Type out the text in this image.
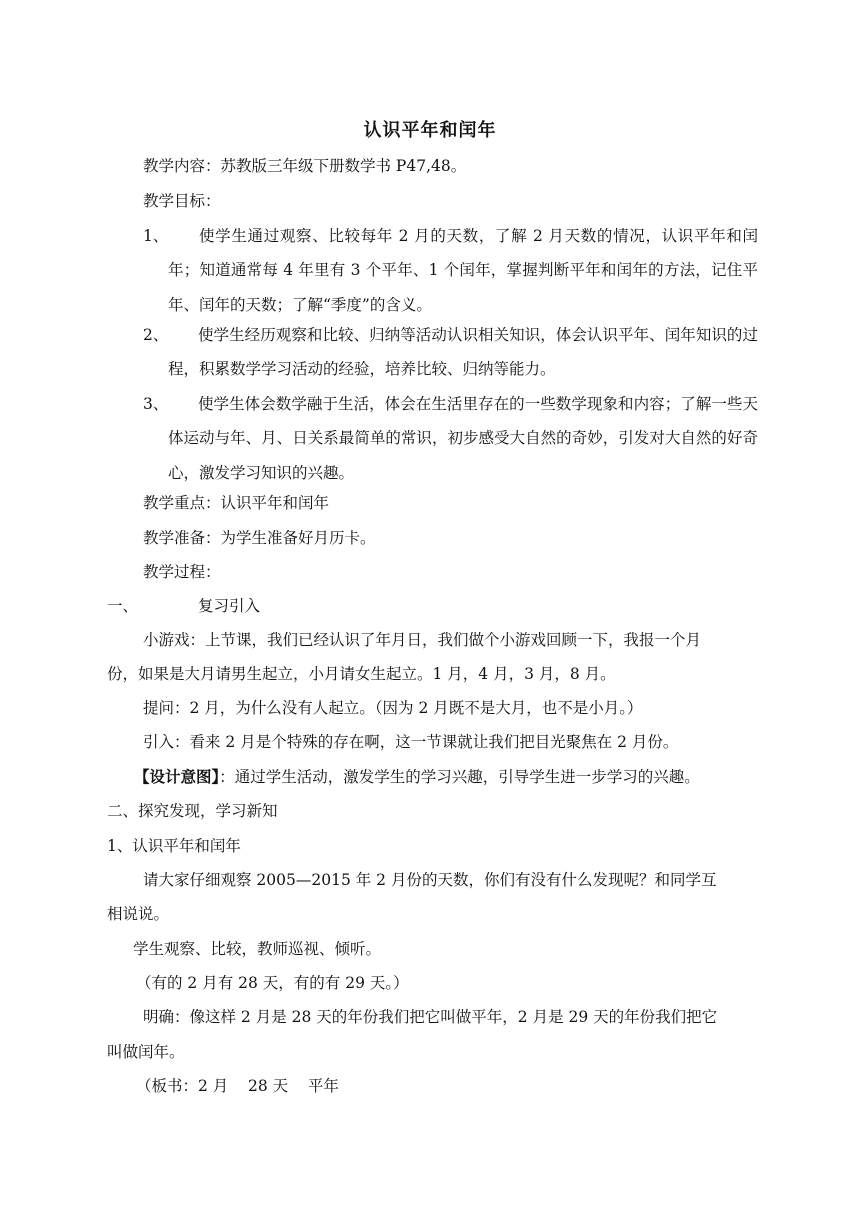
认识平年和闰年
教学内容：苏教版三年级下册数学书 P47,48。
教学目标：
1、	使学生通过观察、比较每年 2 月的天数，了解 2 月天数的情况，认识平年和闰年；知道通常每 4 年里有 3 个平年、1 个闰年，掌握判断平年和闰年的方法，记住平年、闰年的天数；了解“季度”的含义。

2、	使学生经历观察和比较、归纳等活动认识相关知识，体会认识平年、闰年知识的过程，积累数学学习活动的经验，培养比较、归纳等能力。

3、	使学生体会数学融于生活，体会在生活里存在的一些数学现象和内容；了解一些天体运动与年、月、日关系最简单的常识，初步感受大自然的奇妙，引发对大自然的好奇心，激发学习知识的兴趣。

教学重点：认识平年和闰年
教学准备：为学生准备好月历卡。
教学过程：
一、	复习引入
小游戏：上节课，我们已经认识了年月日，我们做个小游戏回顾一下，我报一个月
份，如果是大月请男生起立，小月请女生起立。1 月，4 月，3 月，8 月。
提问：2 月，为什么没有人起立。（因为 2 月既不是大月，也不是小月。）
引入：看来 2 月是个特殊的存在啊，这一节课就让我们把目光聚焦在 2 月份。
【设计意图】：通过学生活动，激发学生的学习兴趣，引导学生进一步学习的兴趣。
二、探究发现，学习新知
1、认识平年和闰年
请大家仔细观察 2005—2015 年 2 月份的天数，你们有没有什么发现呢？和同学互
相说说。
学生观察、比较，教师巡视、倾听。
（有的 2 月有 28 天，有的有 29 天。）
明确：像这样 2 月是 28 天的年份我们把它叫做平年，2 月是 29 天的年份我们把它
叫做闰年。
（板书：2 月    28 天    平年
